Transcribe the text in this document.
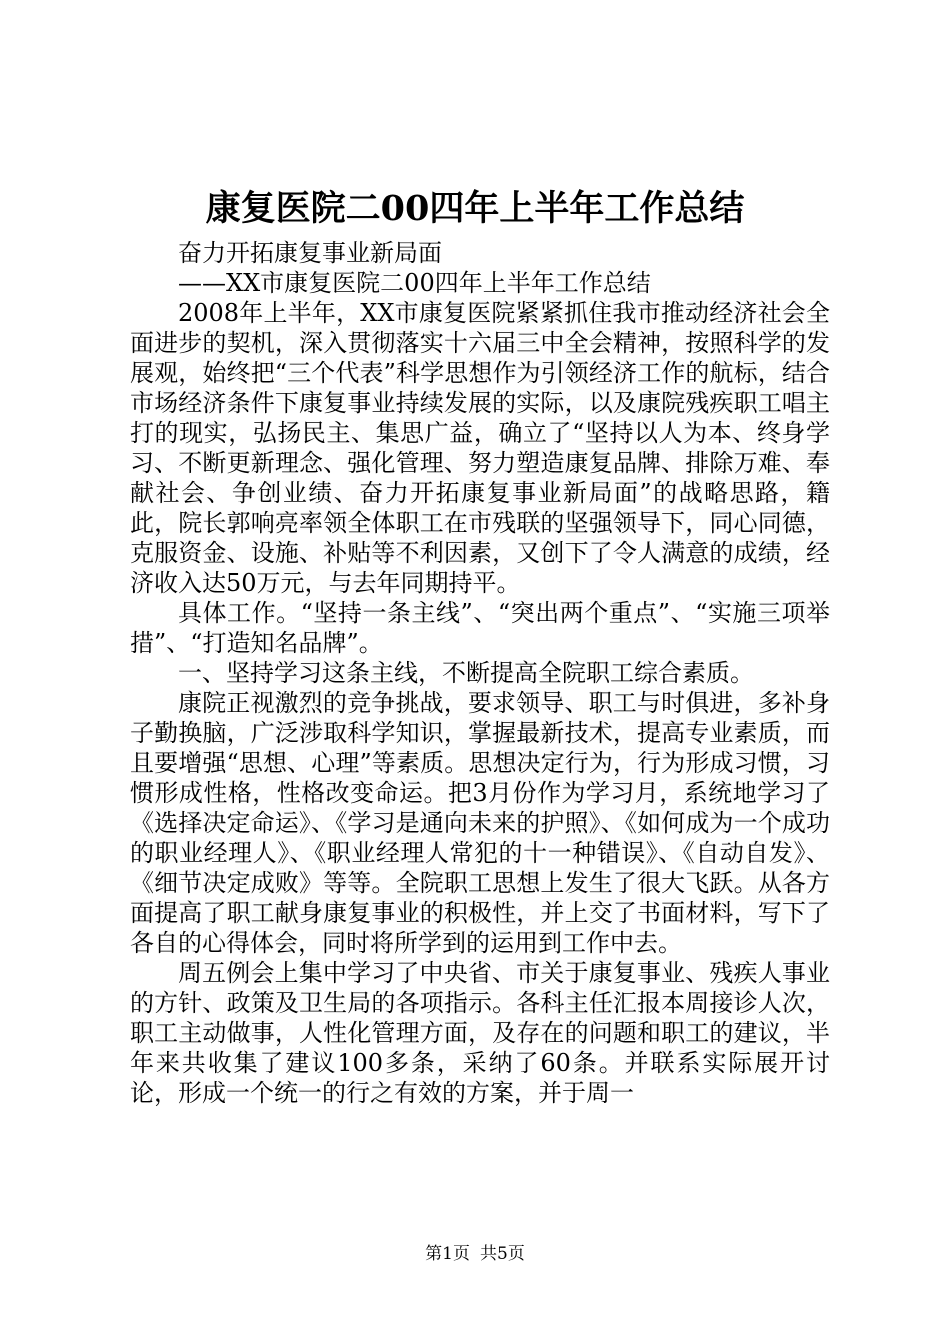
康复医院二00四年上半年工作总结

奋力开拓康复事业新局面

——XX市康复医院二00四年上半年工作总结

2008年上半年，XX市康复医院紧紧抓住我市推动经济社会全面进步的契机，深入贯彻落实十六届三中全会精神，按照科学的发展观，始终把“三个代表”科学思想作为引领经济工作的航标，结合市场经济条件下康复事业持续发展的实际，以及康院残疾职工唱主打的现实，弘扬民主、集思广益，确立了“坚持以人为本、终身学习、不断更新理念、强化管理、努力塑造康复品牌、排除万难、奉献社会、争创业绩、奋力开拓康复事业新局面”的战略思路，籍此，院长郭响亮率领全体职工在市残联的坚强领导下，同心同德，克服资金、设施、补贴等不利因素，又创下了令人满意的成绩，经济收入达50万元，与去年同期持平。

具体工作。“坚持一条主线”、“突出两个重点”、“实施三项举措”、“打造知名品牌”。

一、坚持学习这条主线，不断提高全院职工综合素质。

康院正视激烈的竞争挑战，要求领导、职工与时俱进，多补身子勤换脑，广泛涉取科学知识，掌握最新技术，提高专业素质，而且要增强“思想、心理”等素质。思想决定行为，行为形成习惯，习惯形成性格，性格改变命运。把3月份作为学习月，系统地学习了《选择决定命运》、《学习是通向未来的护照》、《如何成为一个成功的职业经理人》、《职业经理人常犯的十一种错误》、《自动自发》、《细节决定成败》等等。全院职工思想上发生了很大飞跃。从各方面提高了职工献身康复事业的积极性，并上交了书面材料，写下了各自的心得体会，同时将所学到的运用到工作中去。

周五例会上集中学习了中央省、市关于康复事业、残疾人事业的方针、政策及卫生局的各项指示。各科主任汇报本周接诊人次，职工主动做事，人性化管理方面，及存在的问题和职工的建议，半年来共收集了建议100多条，采纳了60条。并联系实际展开讨论，形成一个统一的行之有效的方案，并于周一

第1页 共5页
